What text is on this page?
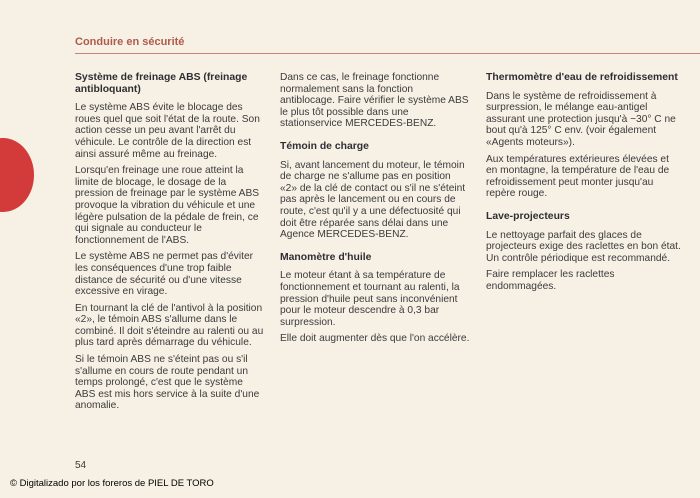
Conduire en sécurité
Système de freinage ABS (freinage antibloquant)

Le système ABS évite le blocage des roues quel que soit l'état de la route. Son action cesse un peu avant l'arrêt du véhicule. Le contrôle de la direction est ainsi assuré même au freinage.

Lorsqu'en freinage une roue atteint la limite de blocage, le dosage de la pression de freinage par le système ABS provoque la vibration du véhicule et une légère pulsation de la pédale de frein, ce qui signale au conducteur le fonctionnement de l'ABS.

Le système ABS ne permet pas d'éviter les conséquences d'une trop faible distance de sécurité ou d'une vitesse excessive en virage.

En tournant la clé de l'antivol à la position «2», le témoin ABS s'allume dans le combiné. Il doit s'éteindre au ralenti ou au plus tard après démarrage du véhicule.

Si le témoin ABS ne s'éteint pas ou s'il s'allume en cours de route pendant un temps prolongé, c'est que le système ABS est mis hors service à la suite d'une anomalie.

Dans ce cas, le freinage fonctionne normalement sans la fonction antiblocage. Faire vérifier le système ABS le plus tôt possible dans une stationservice MERCEDES-BENZ.

Témoin de charge

Si, avant lancement du moteur, le témoin de charge ne s'allume pas en position «2» de la clé de contact ou s'il ne s'éteint pas après le lancement ou en cours de route, c'est qu'il y a une défectuosité qui doit être réparée sans délai dans une Agence MERCEDES-BENZ.

Manomètre d'huile

Le moteur étant à sa température de fonctionnement et tournant au ralenti, la pression d'huile peut sans inconvénient pour le moteur descendre à 0,3 bar surpression.

Elle doit augmenter dès que l'on accélère.

Thermomètre d'eau de refroidissement

Dans le système de refroidissement à surpression, le mélange eau-antigel assurant une protection jusqu'à −30° C ne bout qu'à 125° C env. (voir également «Agents moteurs»).

Aux températures extérieures élevées et en montagne, la température de l'eau de refroidissement peut monter jusqu'au repère rouge.

Lave-projecteurs

Le nettoyage parfait des glaces de projecteurs exige des raclettes en bon état. Un contrôle périodique est recommandé.

Faire remplacer les raclettes endommagées.

54
© Digitalizado por los foreros de PIEL DE TORO
